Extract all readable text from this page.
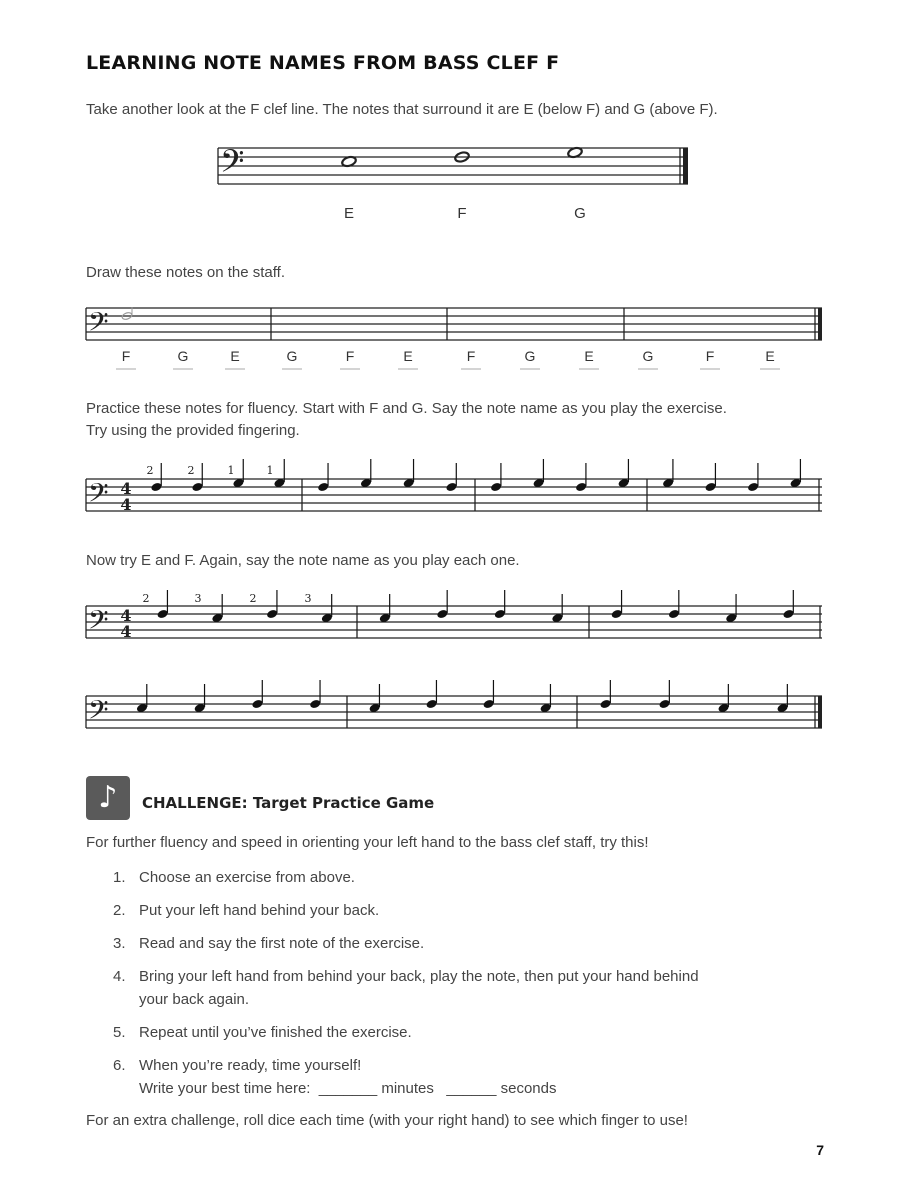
LEARNING NOTE NAMES FROM BASS CLEF F
Take another look at the F clef line. The notes that surround it are E (below F) and G (above F).
𝄢
E	F	G
Draw these notes on the staff.
𝄢
F	G	E	G	F	E	F	G	E	G	F	E
Practice these notes for fluency. Start with F and G. Say the note name as you play the exercise.
Try using the provided fingering.
𝄢 4
4
2	2	1	1
Now try E and F. Again, say the note name as you play each one.
𝄢 4
4
2	3	2	3
𝄢
♪	CHALLENGE: Target Practice Game
For further fluency and speed in orienting your left hand to the bass clef staff, try this!
1. Choose an exercise from above.
2. Put your left hand behind your back.
3. Read and say the first note of the exercise.
4. Bring your left hand from behind your back, play the note, then put your hand behind
your back again.
5. Repeat until you’ve finished the exercise.
6. When you’re ready, time yourself!
Write your best time here:  _______ minutes   ______ seconds
For an extra challenge, roll dice each time (with your right hand) to see which finger to use!
7
